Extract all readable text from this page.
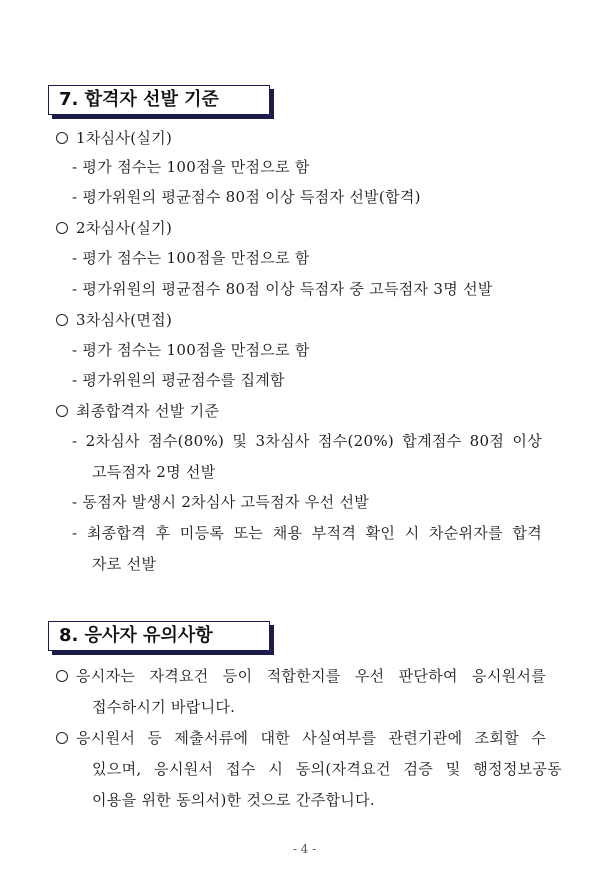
7. 합격자 선발 기준
1차심사(실기)
- 평가 점수는 100점을 만점으로 함
- 평가위원의 평균점수 80점 이상 득점자 선발(합격)
2차심사(실기)
- 평가 점수는 100점을 만점으로 함
- 평가위원의 평균점수 80점 이상 득점자 중 고득점자 3명 선발
3차심사(면접)
- 평가 점수는 100점을 만점으로 함
- 평가위원의 평균점수를 집계함
최종합격자 선발 기준
- 2차심사 점수(80%) 및 3차심사 점수(20%) 합계점수 80점 이상
고득점자 2명 선발
- 동점자 발생시 2차심사 고득점자 우선 선발
- 최종합격 후 미등록 또는 채용 부적격 확인 시 차순위자를 합격
자로 선발
8. 응사자 유의사항
응시자는 자격요건 등이 적합한지를 우선 판단하여 응시원서를
접수하시기 바랍니다.
응시원서 등 제출서류에 대한 사실여부를 관련기관에 조회할 수
있으며, 응시원서 접수 시 동의(자격요건 검증 및 행정정보공동
이용을 위한 동의서)한 것으로 간주합니다.
- 4 -
